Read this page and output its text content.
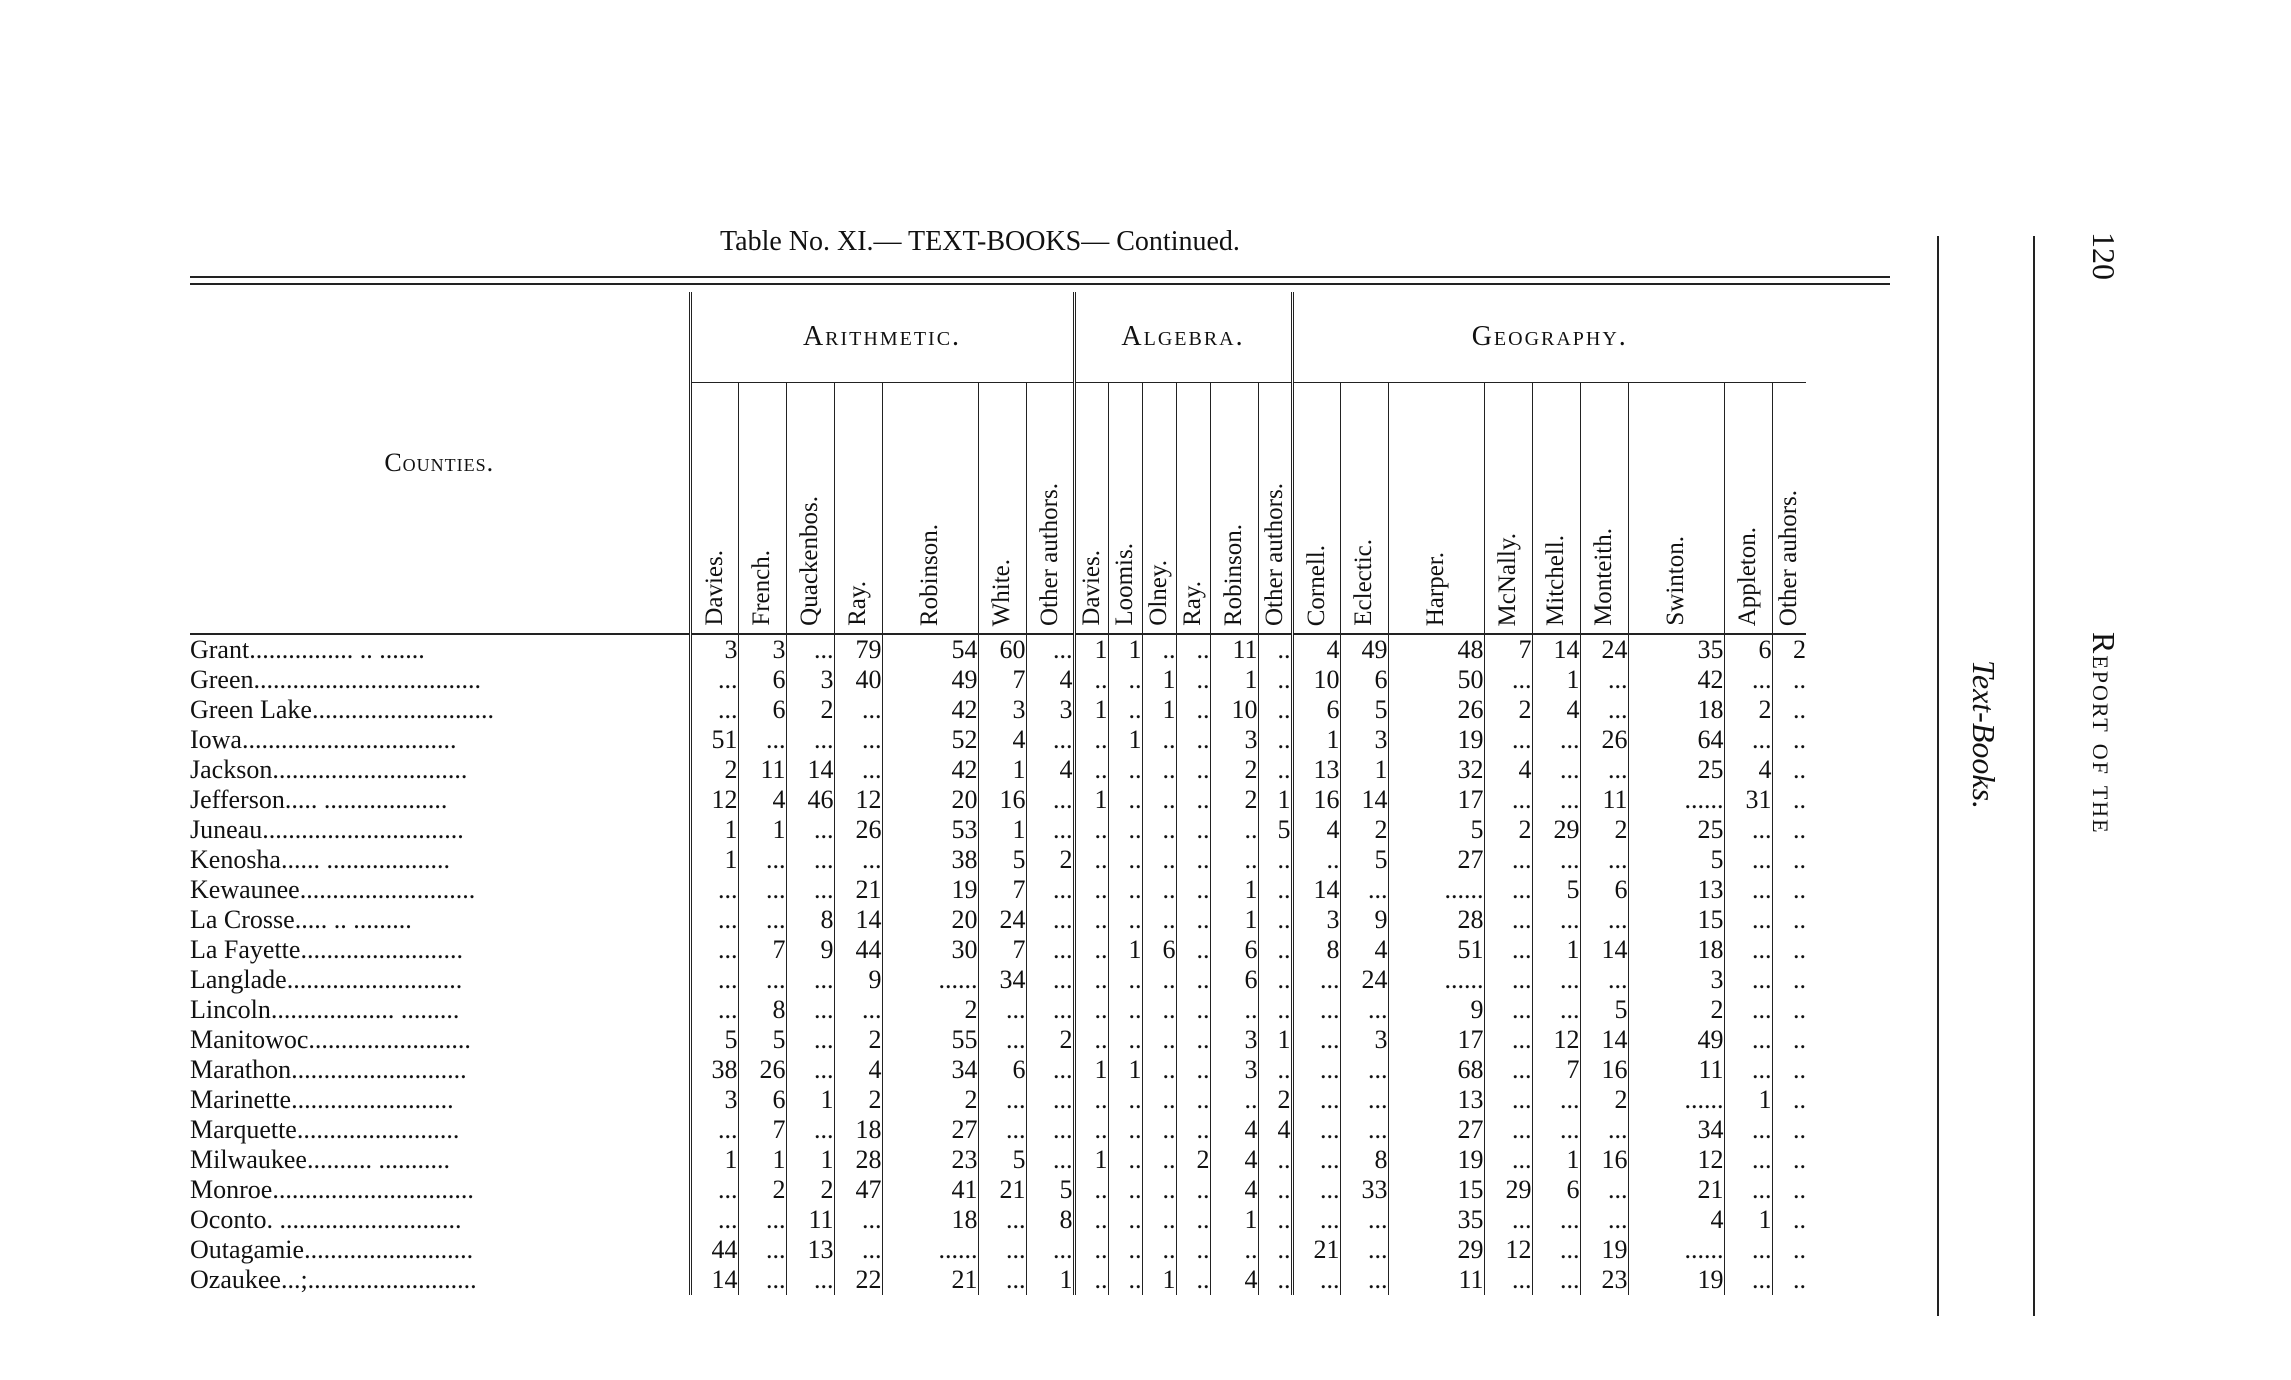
Table No. XI.— TEXT-BOOKS— Continued.
Counties.	Arithmetic.							Algebra.						Geography.								
	Davies.	French.	Quackenbos.	Ray.	Robinson.	White.	Other authors.	Davies.	Loomis.	Olney.	Ray.	Robinson.	Other authors.	Cornell.	Eclectic.	Harper.	McNally.	Mitchell.	Monteith.	Swinton.	Appleton.	Other auhors.
Grant................ .. .......	3	3	...	79	54	60	...	1	1	..	..	11	..	4	49	48	7	14	24	35	6	2
Green...................................	...	6	3	40	49	7	4	..	..	1	..	1	..	10	6	50	...	1	...	42	...	..
Green Lake............................	...	6	2	...	42	3	3	1	..	1	..	10	..	6	5	26	2	4	...	18	2	..
Iowa.................................	51	...	...	...	52	4	...	..	1	..	..	3	..	1	3	19	...	...	26	64	...	..
Jackson..............................	2	11	14	...	42	1	4	..	..	..	..	2	..	13	1	32	4	...	...	25	4	..
Jefferson..... ...................	12	4	46	12	20	16	...	1	..	..	..	2	1	16	14	17	...	...	11	......	31	..
Juneau...............................	1	1	...	26	53	1	...	..	..	..	..	..	5	4	2	5	2	29	2	25	...	..
Kenosha...... ...................	1	...	...	...	38	5	2	..	..	..	..	..	..	..	5	27	...	...	...	5	...	..
Kewaunee...........................	...	...	...	21	19	7	...	..	..	..	..	1	..	14	...	......	...	5	6	13	...	..
La Crosse..... .. .........	...	...	8	14	20	24	...	..	..	..	..	1	..	3	9	28	...	...	...	15	...	..
La Fayette.........................	...	7	9	44	30	7	...	..	1	6	..	6	..	8	4	51	...	1	14	18	...	..
Langlade...........................	...	...	...	9	......	34	...	..	..	..	..	6	..	...	24	......	...	...	...	3	...	..
Lincoln................... .........	...	8	...	...	2	...	...	..	..	..	..	..	..	...	...	9	...	...	5	2	...	..
Manitowoc.........................	5	5	...	2	55	...	2	..	..	..	..	3	1	...	3	17	...	12	14	49	...	..
Marathon...........................	38	26	...	4	34	6	...	1	1	..	..	3	..	...	...	68	...	7	16	11	...	..
Marinette.........................	3	6	1	2	2	...	...	..	..	..	..	..	2	...	...	13	...	...	2	......	1	..
Marquette.........................	...	7	...	18	27	...	...	..	..	..	..	4	4	...	...	27	...	...	...	34	...	..
Milwaukee.......... ...........	1	1	1	28	23	5	...	1	..	..	2	4	..	...	8	19	...	1	16	12	...	..
Monroe...............................	...	2	2	47	41	21	5	..	..	..	..	4	..	...	33	15	29	6	...	21	...	..
Oconto. ............................	...	...	11	...	18	...	8	..	..	..	..	1	..	...	...	35	...	...	...	4	1	..
Outagamie..........................	44	...	13	...	......	...	...	..	..	..	..	..	..	21	...	29	12	...	19	......	...	..
Ozaukee...;..........................	14	...	...	22	21	...	1	..	..	1	..	4	..	...	...	11	...	...	23	19	...	..
Text-Books.
120
Report of the
